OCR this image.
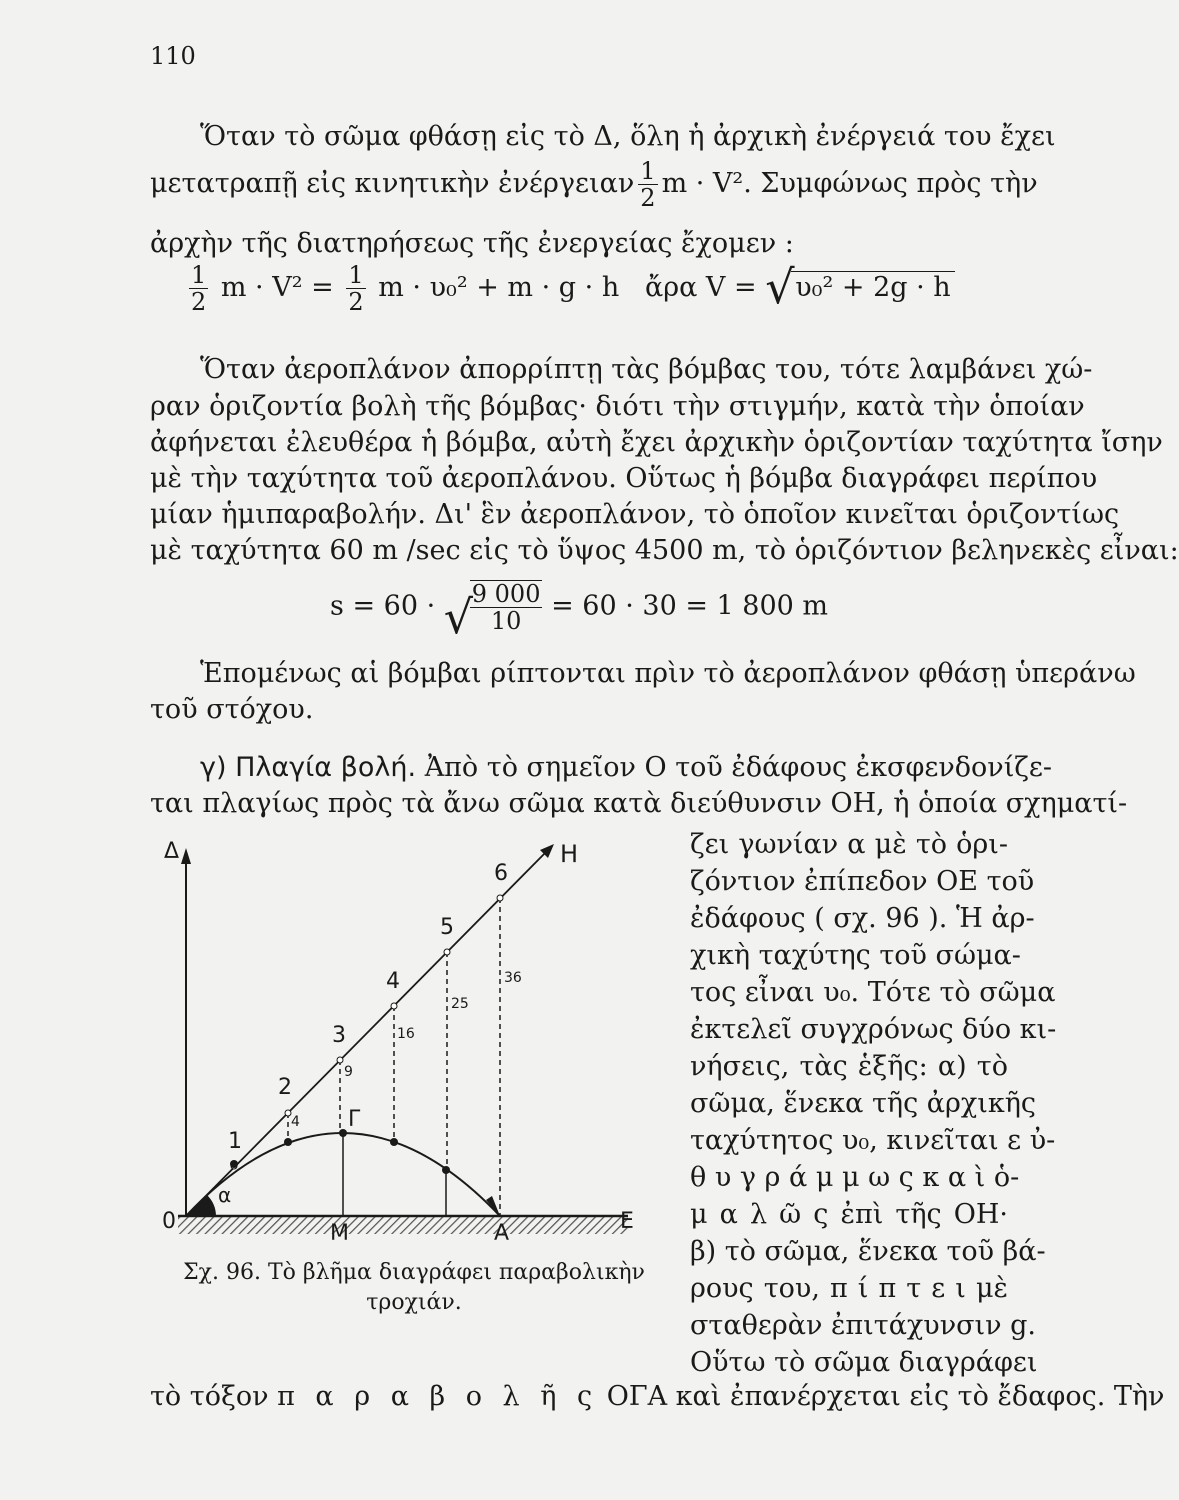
110
Ὅταν τὸ σῶμα φθάσῃ εἰς τὸ Δ, ὅλη ἡ ἀρχικὴ ἐνέργειά του ἔχει
μετατραπῇ εἰς κινητικὴν ἐνέργειαν $\frac{1}{2}$ m · V². Συμφώνως πρὸς τὴν
ἀρχὴν τῆς διατηρήσεως τῆς ἐνεργείας ἔχομεν :
$\frac{1}{2}$ $m \cdot V^2 = \frac{1}{2}$ m · υ₀² + m · g · h ἄρα V = √ υ₀² + 2g · h
Ὅταν ἀεροπλάνον ἀπορρίπτῃ τὰς βόμβας του, τότε λαμβάνει χώ-
ραν ὁριζοντία βολὴ τῆς βόμβας· διότι τὴν στιγμήν, κατὰ τὴν ὁποίαν
ἀφήνεται ἐλευθέρα ἡ βόμβα, αὐτὴ ἔχει ἀρχικὴν ὁριζοντίαν ταχύτητα ἴσην
μὲ τὴν ταχύτητα τοῦ ἀεροπλάνου. Οὕτως ἡ βόμβα διαγράφει περίπου
μίαν ἡμιπαραβολήν. Δι' ἓν ἀεροπλάνον, τὸ ὁποῖον κινεῖται ὁριζοντίως
μὲ ταχύτητα 60 m /sec εἰς τὸ ὕψος 4500 m, τὸ ὁριζόντιον βεληνεκὲς εἶναι:
s = 60 · √
$\frac{9 000}{10} = 60 \cdot 30 = 1$ 800 m
Ἑπομένως αἱ βόμβαι ρίπτονται πρὶν τὸ ἀεροπλάνον φθάσῃ ὑπεράνω
τοῦ στόχου.
γ) Πλαγία βολή. Ἀπὸ τὸ σημεῖον Ο τοῦ ἐδάφους ἐκσφενδονίζε-
ται πλαγίως πρὸς τὰ ἄνω σῶμα κατὰ διεύθυνσιν ΟΗ, ἡ ὁποία σχηματί-
ζει γωνίαν α μὲ τὸ ὁρι-
ζόντιον ἐπίπεδον ΟΕ τοῦ
ἐδάφους ( σχ. 96 ). Ἡ ἀρ-
χικὴ ταχύτης τοῦ σώμα-
τος εἶναι υ₀. Τότε τὸ σῶμα
ἐκτελεῖ συγχρόνως δύο κι-
νήσεις, τὰς ἑξῆς: α) τὸ
σῶμα, ἕνεκα τῆς ἀρχικῆς
ταχύτητος υ₀, κινεῖται ε ὐ-
θ υ γ ρ ά μ μ ω ς κ α ὶ ὁ-
μ α λ ῶ ς ἐπὶ τῆς ΟΗ·
β) τὸ σῶμα, ἕνεκα τοῦ βά-
ρους του, π ί π τ ε ι μὲ
σταθερὰν ἐπιτάχυνσιν g.
Οὕτω τὸ σῶμα διαγράφει
τὸ τόξον π α ρ α β ο λ ῆ ς ΟΓΑ καὶ ἐπανέρχεται εἰς τὸ ἔδαφος. Τὴν
Δ	Η
0
α
Μ	Α	Ε
Γ
1
2
3
4
5
6
4
9
16
25
36
Σχ. 96. Τὸ βλῆμα διαγράφει παραβολικὴν
τροχιάν.
